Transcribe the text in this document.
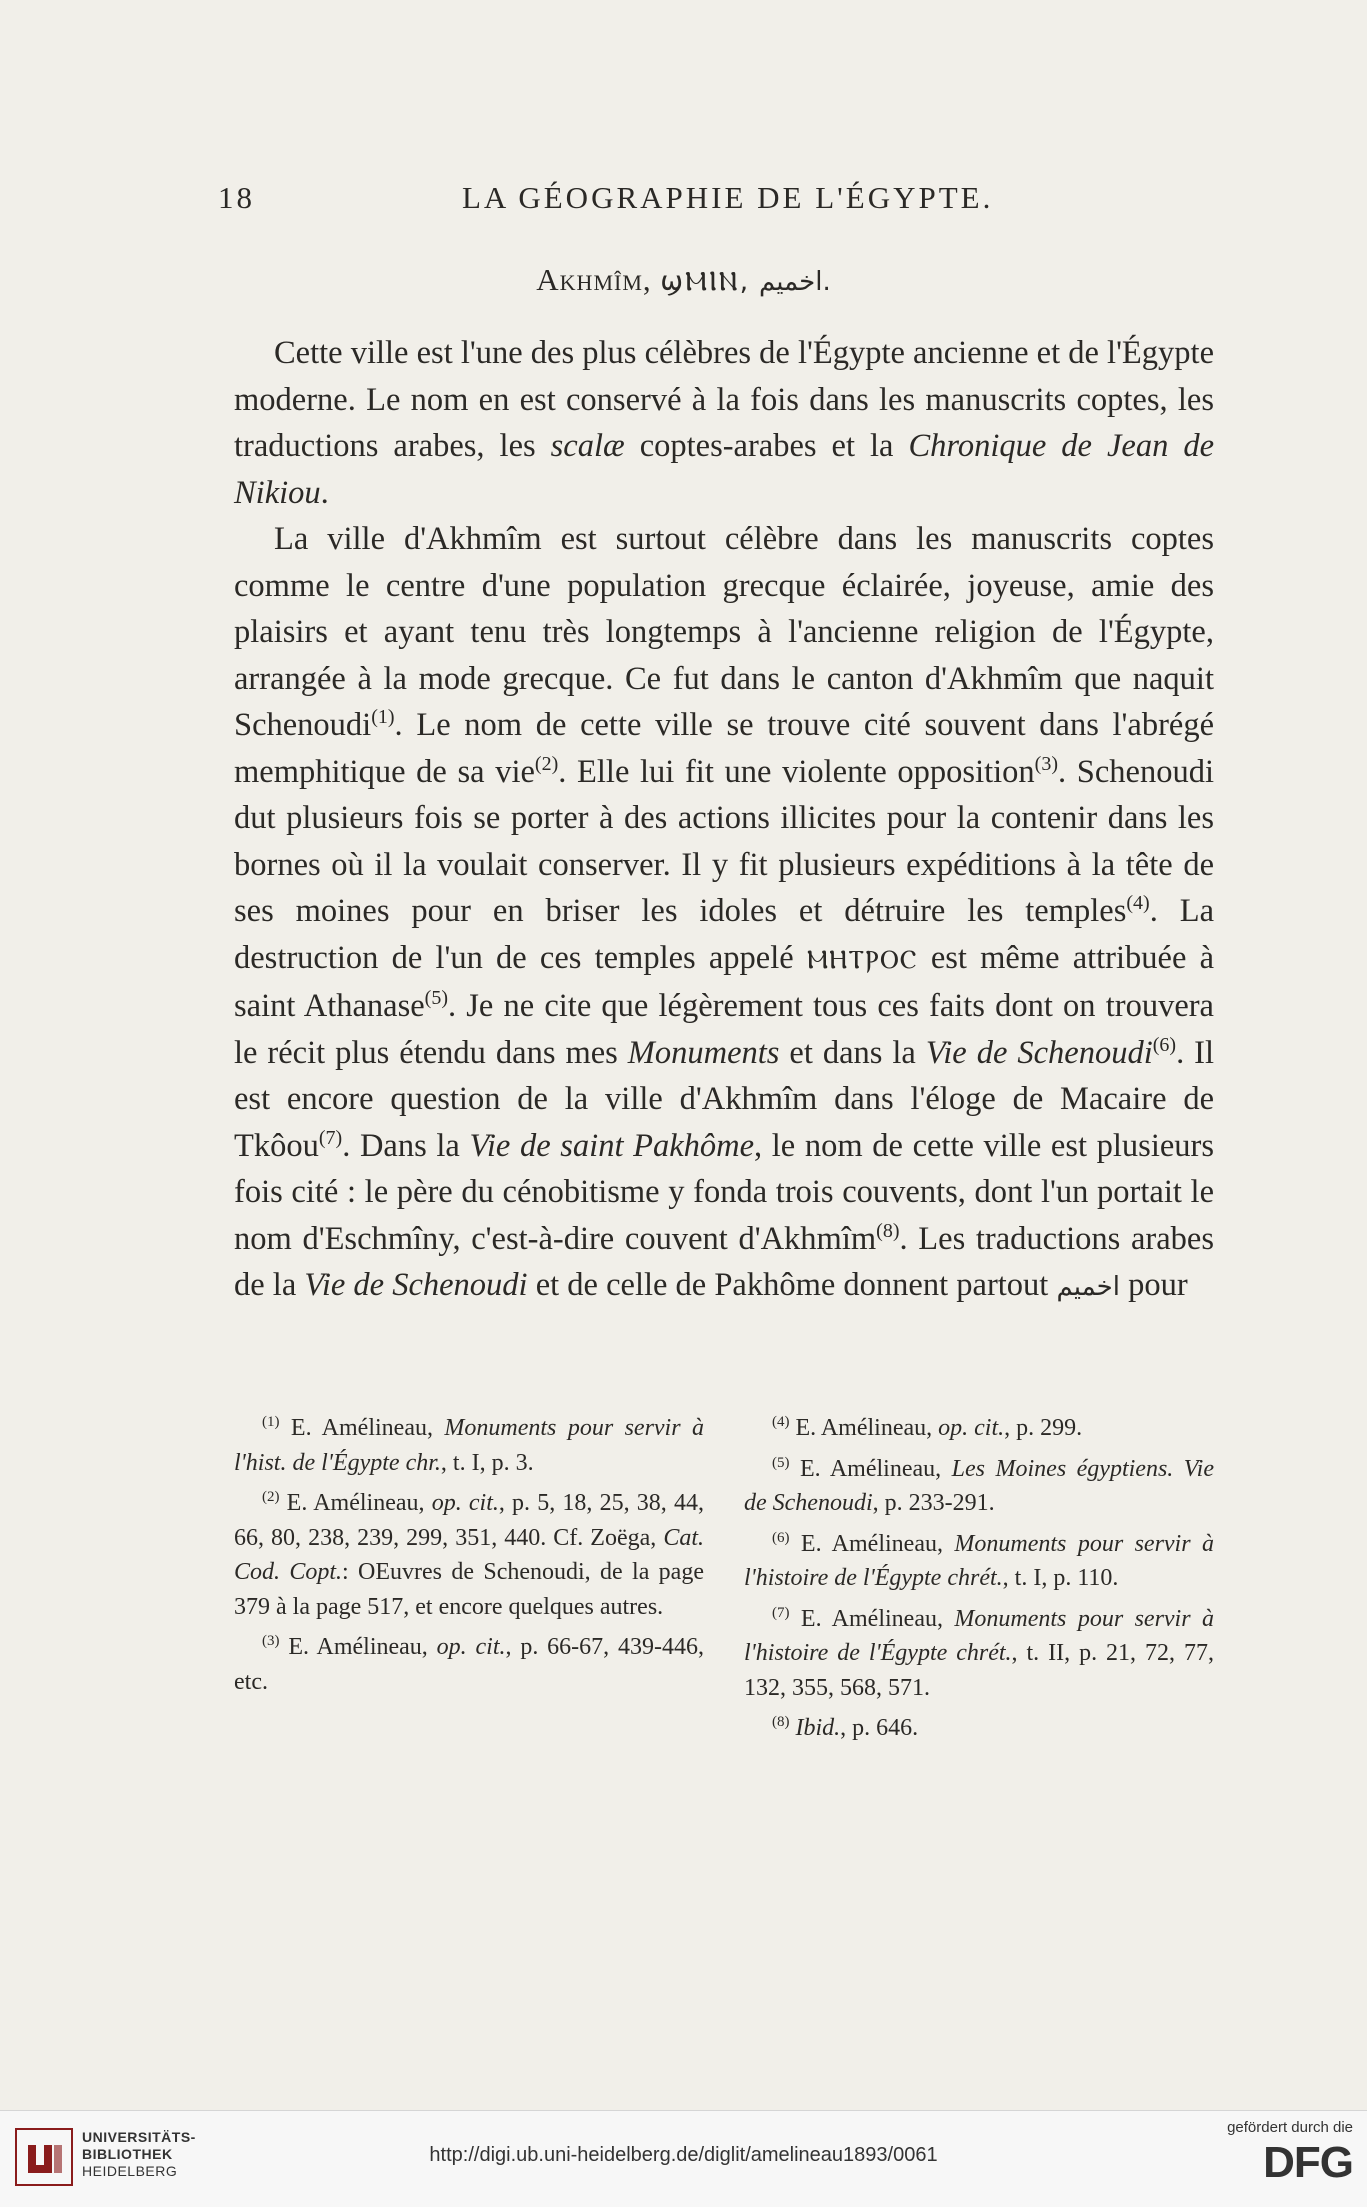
18	LA GÉOGRAPHIE DE L'ÉGYPTE.
Akhmîm, ϣⲘⲒⲚ, اخميم.

Cette ville est l'une des plus célèbres de l'Égypte ancienne et de l'Égypte moderne. Le nom en est conservé à la fois dans les manuscrits coptes, les traductions arabes, les scalæ coptes-arabes et la Chronique de Jean de Nikiou.

La ville d'Akhmîm est surtout célèbre dans les manuscrits coptes comme le centre d'une population grecque éclairée, joyeuse, amie des plaisirs et ayant tenu très longtemps à l'ancienne religion de l'Égypte, arrangée à la mode grecque. Ce fut dans le canton d'Akhmîm que naquit Schenoudi$^{(1)}$. Le nom de cette ville se trouve cité souvent dans l'abrégé memphitique de sa vie$^{(2)}$. Elle lui fit une violente opposition$^{(3)}$. Schenoudi dut plusieurs fois se porter à des actions illicites pour la contenir dans les bornes où il la voulait conserver. Il y fit plusieurs expéditions à la tête de ses moines pour en briser les idoles et détruire les temples$^{(4)}$. La destruction de l'un de ces temples appelé ⲘⲎⲦⲢⲞⲤ est même attribuée à saint Athanase$^{(5)}$. Je ne cite que légèrement tous ces faits dont on trouvera le récit plus étendu dans mes Monuments et dans la Vie de Schenoudi$^{(6)}$. Il est encore question de la ville d'Akhmîm dans l'éloge de Macaire de Tkôou$^{(7)}$. Dans la Vie de saint Pakhôme, le nom de cette ville est plusieurs fois cité : le père du cénobitisme y fonda trois couvents, dont l'un portait le nom d'Eschmîny, c'est-à-dire couvent d'Akhmîm$^{(8)}$. Les traductions arabes de la Vie de Schenoudi et de celle de Pakhôme donnent partout اخميم pour

$^{(1)}$ E. Amélineau, Monuments pour servir à l'hist. de l'Égypte chr., t. I, p. 3.
$^{(2)}$ E. Amélineau, op. cit., p. 5, 18, 25, 38, 44, 66, 80, 238, 239, 299, 351, 440. Cf. Zoëga, Cat. Cod. Copt.: OEuvres de Schenoudi, de la page 379 à la page 517, et encore quelques autres.
$^{(3)}$ E. Amélineau, op. cit., p. 66-67, 439-446, etc.
$^{(4)}$ E. Amélineau, op. cit., p. 299.
$^{(5)}$ E. Amélineau, Les Moines égyptiens. Vie de Schenoudi, p. 233-291.
$^{(6)}$ E. Amélineau, Monuments pour servir à l'histoire de l'Égypte chrét., t. I, p. 110.
$^{(7)}$ E. Amélineau, Monuments pour servir à l'histoire de l'Égypte chrét., t. II, p. 21, 72, 77, 132, 355, 568, 571.
$^{(8)}$ Ibid., p. 646.
UNIVERSITÄTS-
BIBLIOTHEK
HEIDELBERG
http://digi.ub.uni-heidelberg.de/diglit/amelineau1893/0061
gefördert durch die
DFG
